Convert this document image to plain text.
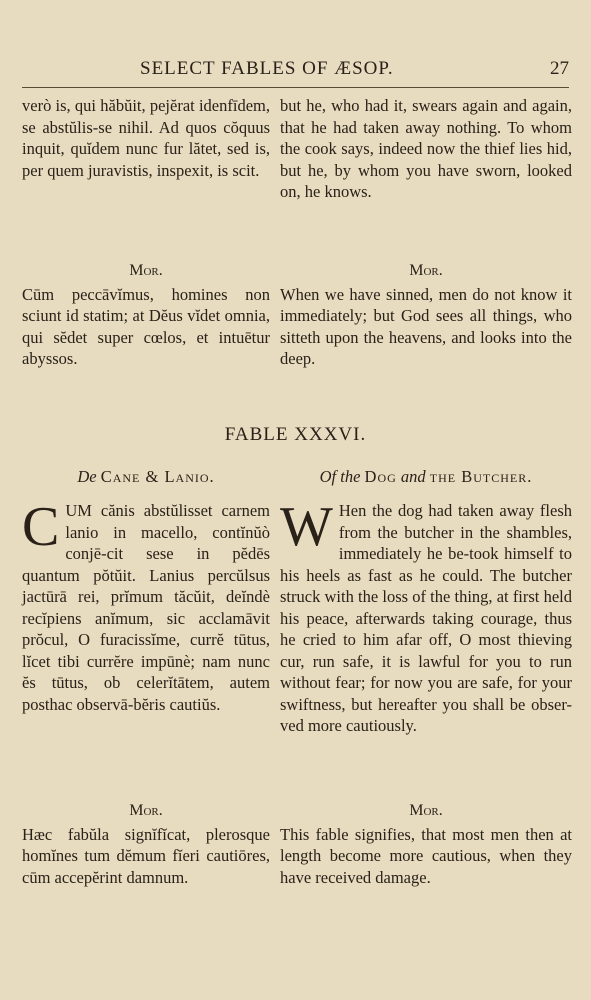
SELECT FABLES OF ÆSOP.	27
verò is, qui hăbŭit, pejĕrat idenfīdem, se abstŭlis-se nihil. Ad quos cŏquus inquit, quĭdem nunc fur lătet, sed is, per quem juravistis, inspexit, is scit.
but he, who had it, swears again and again, that he had taken away nothing. To whom the cook says, indeed now the thief lies hid, but he, by whom you have sworn, looked on, he knows.
Mor.
Cūm peccāvĭmus, homines non sciunt id statim; at Dĕus vĭdet omnia, qui sĕdet super cœlos, et intuētur abyssos.
Mor.
When we have sinned, men do not know it immediately; but God sees all things, who sitteth upon the heavens, and looks into the deep.
FABLE XXXVI.
De Cane & Lanio.	Of the Dog and the Butcher.
C UM cănis abstŭlisset carnem lanio in macello, contĭnŭò conjē-cit sese in pĕdēs quantum pŏtŭit. Lanius percŭlsus jactūrā rei, prĭmum tăcŭit, deĭndè recĭpiens anĭmum, sic acclamāvit prŏcul, O furacissĭme, currĕ tūtus, lĭcet tibi currĕre impūnè; nam nunc ĕs tūtus, ob celerĭtātem, autem posthac observā-bĕris cautiŭs.
W Hen the dog had taken away flesh from the butcher in the shambles, immediately he be-took himself to his heels as fast as he could. The butcher struck with the loss of the thing, at first held his peace, afterwards taking courage, thus he cried to him afar off, O most thieving cur, run safe, it is lawful for you to run without fear; for now you are safe, for your swiftness, but hereafter you shall be obser-ved more cautiously.
Mor.
Hæc fabŭla signĭfĭcat, plerosque homĭnes tum dĕmum fĭeri cautiōres, cūm accepĕrint damnum.
Mor.
This fable signifies, that most men then at length become more cautious, when they have received damage.
